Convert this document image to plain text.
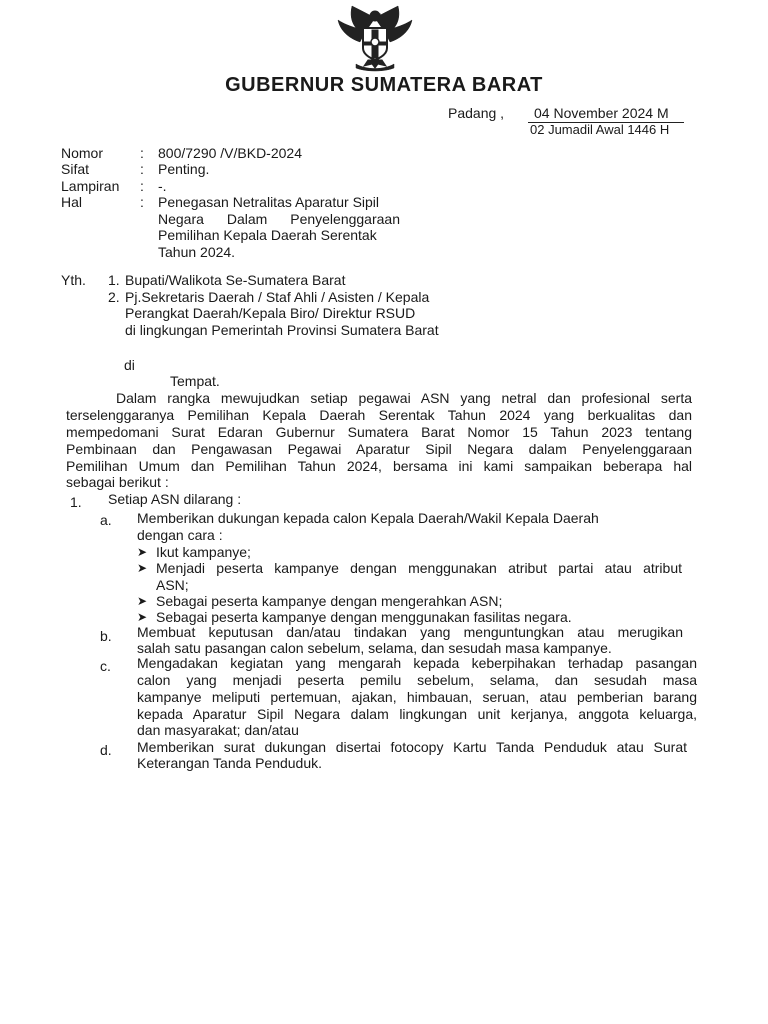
GUBERNUR SUMATERA BARAT
Padang , 04 November 2024 M
02 Jumadil Awal 1446 H
Nomor	: 800/7290 /V/BKD-2024
Sifat	: Penting.
Lampiran : -.
Hal	: Penegasan Netralitas Aparatur Sipil
Negara Dalam Penyelenggaraan
Pemilihan Kepala Daerah Serentak
Tahun 2024.
Yth. 1. Bupati/Walikota Se-Sumatera Barat
2. Pj.Sekretaris Daerah / Staf Ahli / Asisten / Kepala
Perangkat Daerah/Kepala Biro/ Direktur RSUD
di lingkungan Pemerintah Provinsi Sumatera Barat
di
Tempat.
Dalam rangka mewujudkan setiap pegawai ASN yang netral dan profesional serta
terselenggaranya Pemilihan Kepala Daerah Serentak Tahun 2024 yang berkualitas dan
mempedomani Surat Edaran Gubernur Sumatera Barat Nomor 15 Tahun 2023 tentang
Pembinaan dan Pengawasan Pegawai Aparatur Sipil Negara dalam Penyelenggaraan
Pemilihan Umum dan Pemilihan Tahun 2024, bersama ini kami sampaikan beberapa hal
sebagai berikut :
1. Setiap ASN dilarang :
a. Memberikan dukungan kepada calon Kepala Daerah/Wakil Kepala Daerah
dengan cara :
➤ Ikut kampanye;
➤ Menjadi peserta kampanye dengan menggunakan atribut partai atau atribut
ASN;
➤ Sebagai peserta kampanye dengan mengerahkan ASN;
➤ Sebagai peserta kampanye dengan menggunakan fasilitas negara.
b. Membuat keputusan dan/atau tindakan yang menguntungkan atau merugikan
salah satu pasangan calon sebelum, selama, dan sesudah masa kampanye.
c. Mengadakan kegiatan yang mengarah kepada keberpihakan terhadap pasangan
calon yang menjadi peserta pemilu sebelum, selama, dan sesudah masa
kampanye meliputi pertemuan, ajakan, himbauan, seruan, atau pemberian barang
kepada Aparatur Sipil Negara dalam lingkungan unit kerjanya, anggota keluarga,
dan masyarakat; dan/atau
d. Memberikan surat dukungan disertai fotocopy Kartu Tanda Penduduk atau Surat
Keterangan Tanda Penduduk.
